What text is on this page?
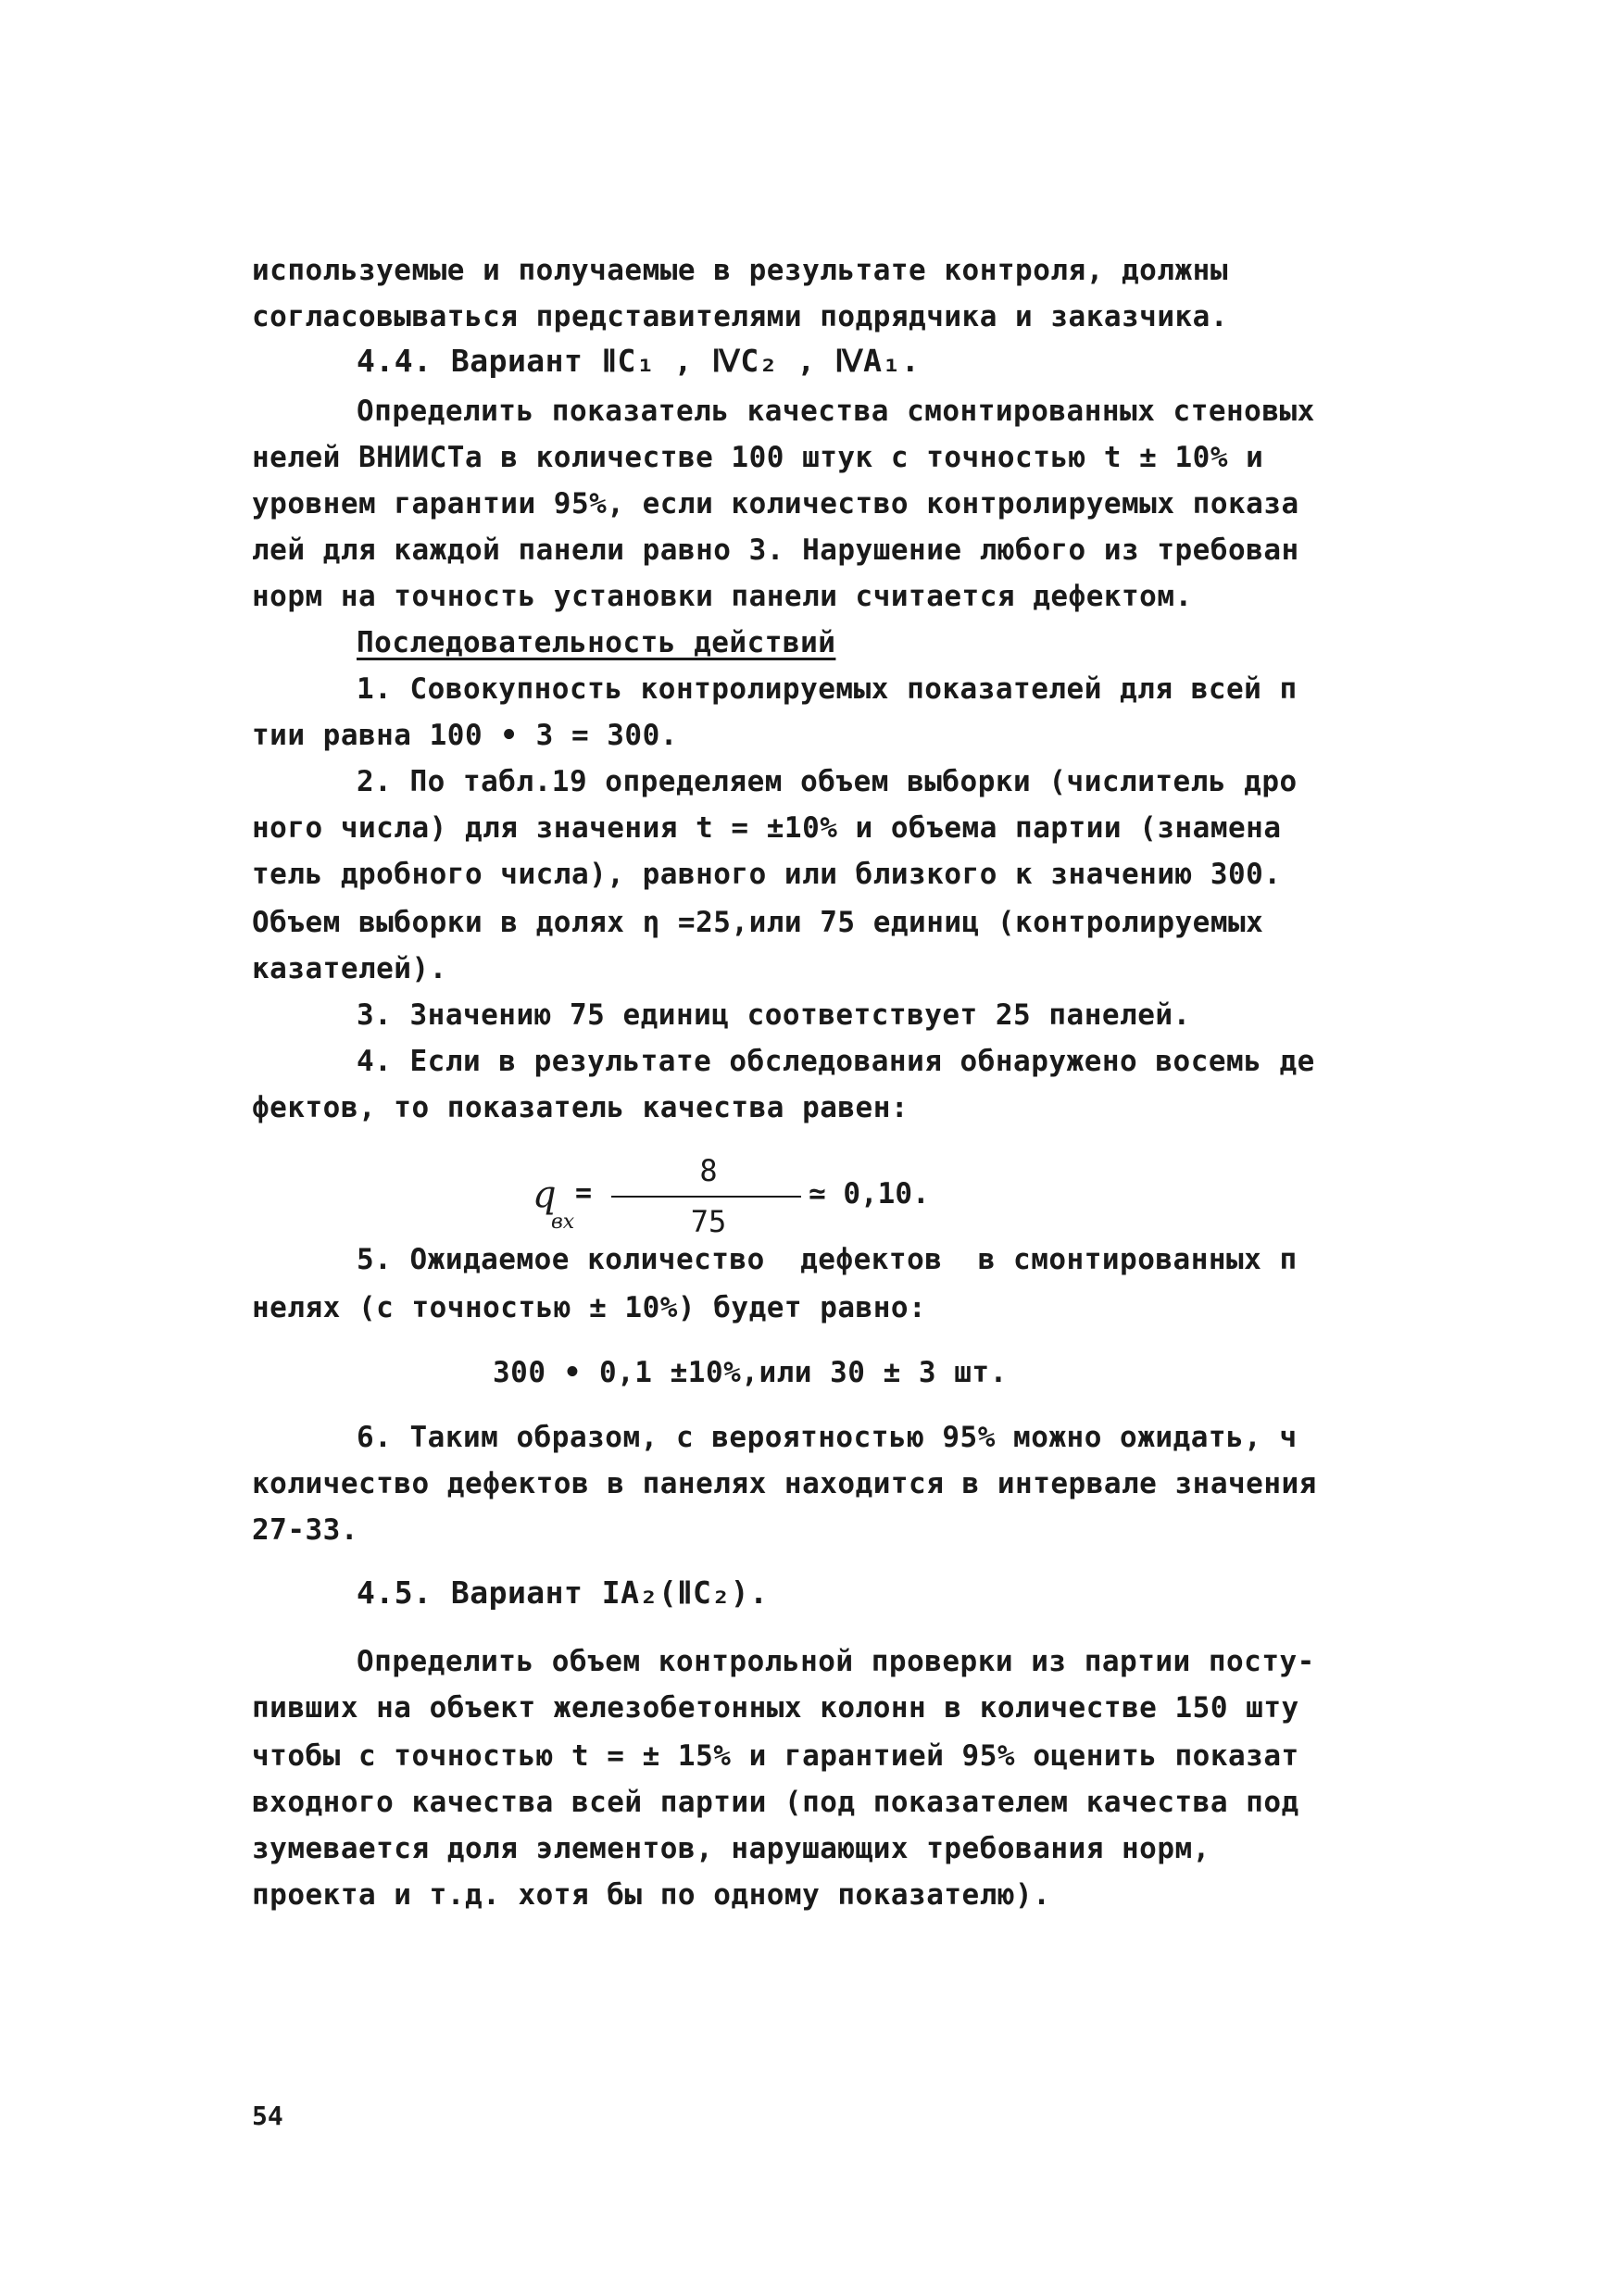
используемые и получаемые в результате контроля, должны
согласовываться представителями подрядчика и заказчика.
4.4. Вариант ⅡС₁ , ⅣС₂ , ⅣА₁.
Определить показатель качества смонтированных стеновых
нелей ВНИИСТа в количестве 100 штук с точностью t ± 10% и
уровнем гарантии 95%, если количество контролируемых показа
лей для каждой панели равно 3. Нарушение любого из требован
норм на точность установки панели считается дефектом.
Последовательность действий
1. Совокупность контролируемых показателей для всей п
тии равна 100 • 3 = 300.
2. По табл.19 определяем объем выборки (числитель дро
ного числа) для значения t = ±10% и объема партии (знамена
тель дробного числа), равного или близкого к значению 300.
Объем выборки в долях η =25,или 75 единиц (контролируемых
казателей).
3. Значению 75 единиц соответствует 25 панелей.
4. Если в результате обследования обнаружено восемь де
фектов, то показатель качества равен:
q
вх
=
8
75
≃ 0,10.
5. Ожидаемое количество  дефектов  в смонтированных п
нелях (с точностью ± 10%) будет равно:
300 • 0,1 ±10%,или 30 ± 3 шт.
6. Таким образом, с вероятностью 95% можно ожидать, ч
количество дефектов в панелях находится в интервале значения
27-33.
4.5. Вариант IА₂(ⅡС₂).
Определить объем контрольной проверки из партии посту-
пивших на объект железобетонных колонн в количестве 150 шту
чтобы с точностью t = ± 15% и гарантией 95% оценить показат
входного качества всей партии (под показателем качества под
зумевается доля элементов, нарушающих требования норм,
проекта и т.д. хотя бы по одному показателю).
54
